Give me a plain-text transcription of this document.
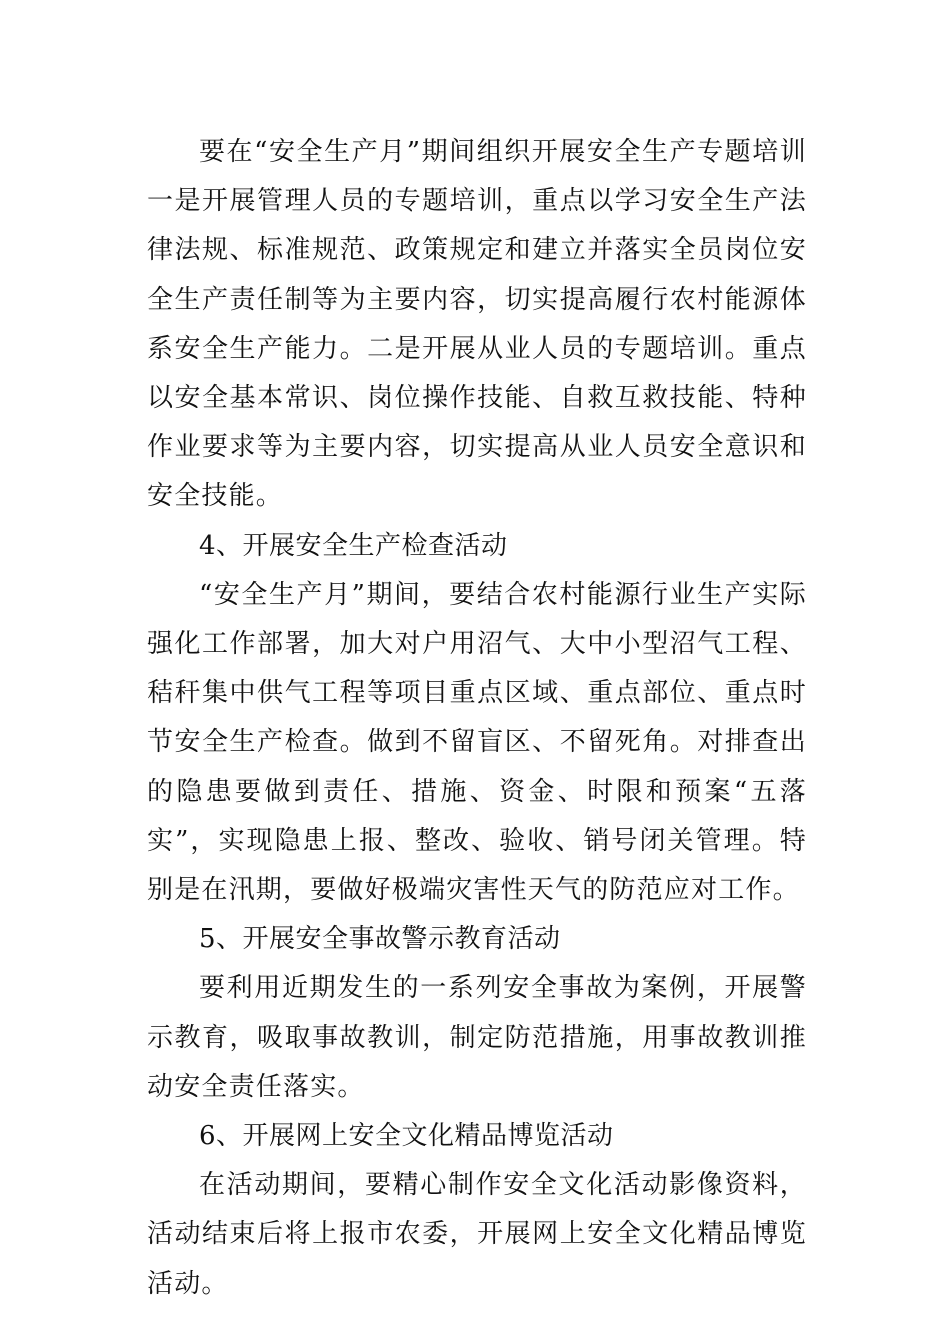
要在“安全生产月”期间组织开展安全生产专题培训一是开展管理人员的专题培训，重点以学习安全生产法律法规、标准规范、政策规定和建立并落实全员岗位安全生产责任制等为主要内容，切实提高履行农村能源体系安全生产能力。二是开展从业人员的专题培训。重点以安全基本常识、岗位操作技能、自救互救技能、特种作业要求等为主要内容，切实提高从业人员安全意识和安全技能。

4、开展安全生产检查活动

“安全生产月”期间，要结合农村能源行业生产实际强化工作部署，加大对户用沼气、大中小型沼气工程、秸秆集中供气工程等项目重点区域、重点部位、重点时节安全生产检查。做到不留盲区、不留死角。对排查出的隐患要做到责任、措施、资金、时限和预案“五落实”，实现隐患上报、整改、验收、销号闭关管理。特别是在汛期，要做好极端灾害性天气的防范应对工作。

5、开展安全事故警示教育活动

要利用近期发生的一系列安全事故为案例，开展警示教育，吸取事故教训，制定防范措施，用事故教训推动安全责任落实。

6、开展网上安全文化精品博览活动

在活动期间，要精心制作安全文化活动影像资料，活动结束后将上报市农委，开展网上安全文化精品博览活动。
